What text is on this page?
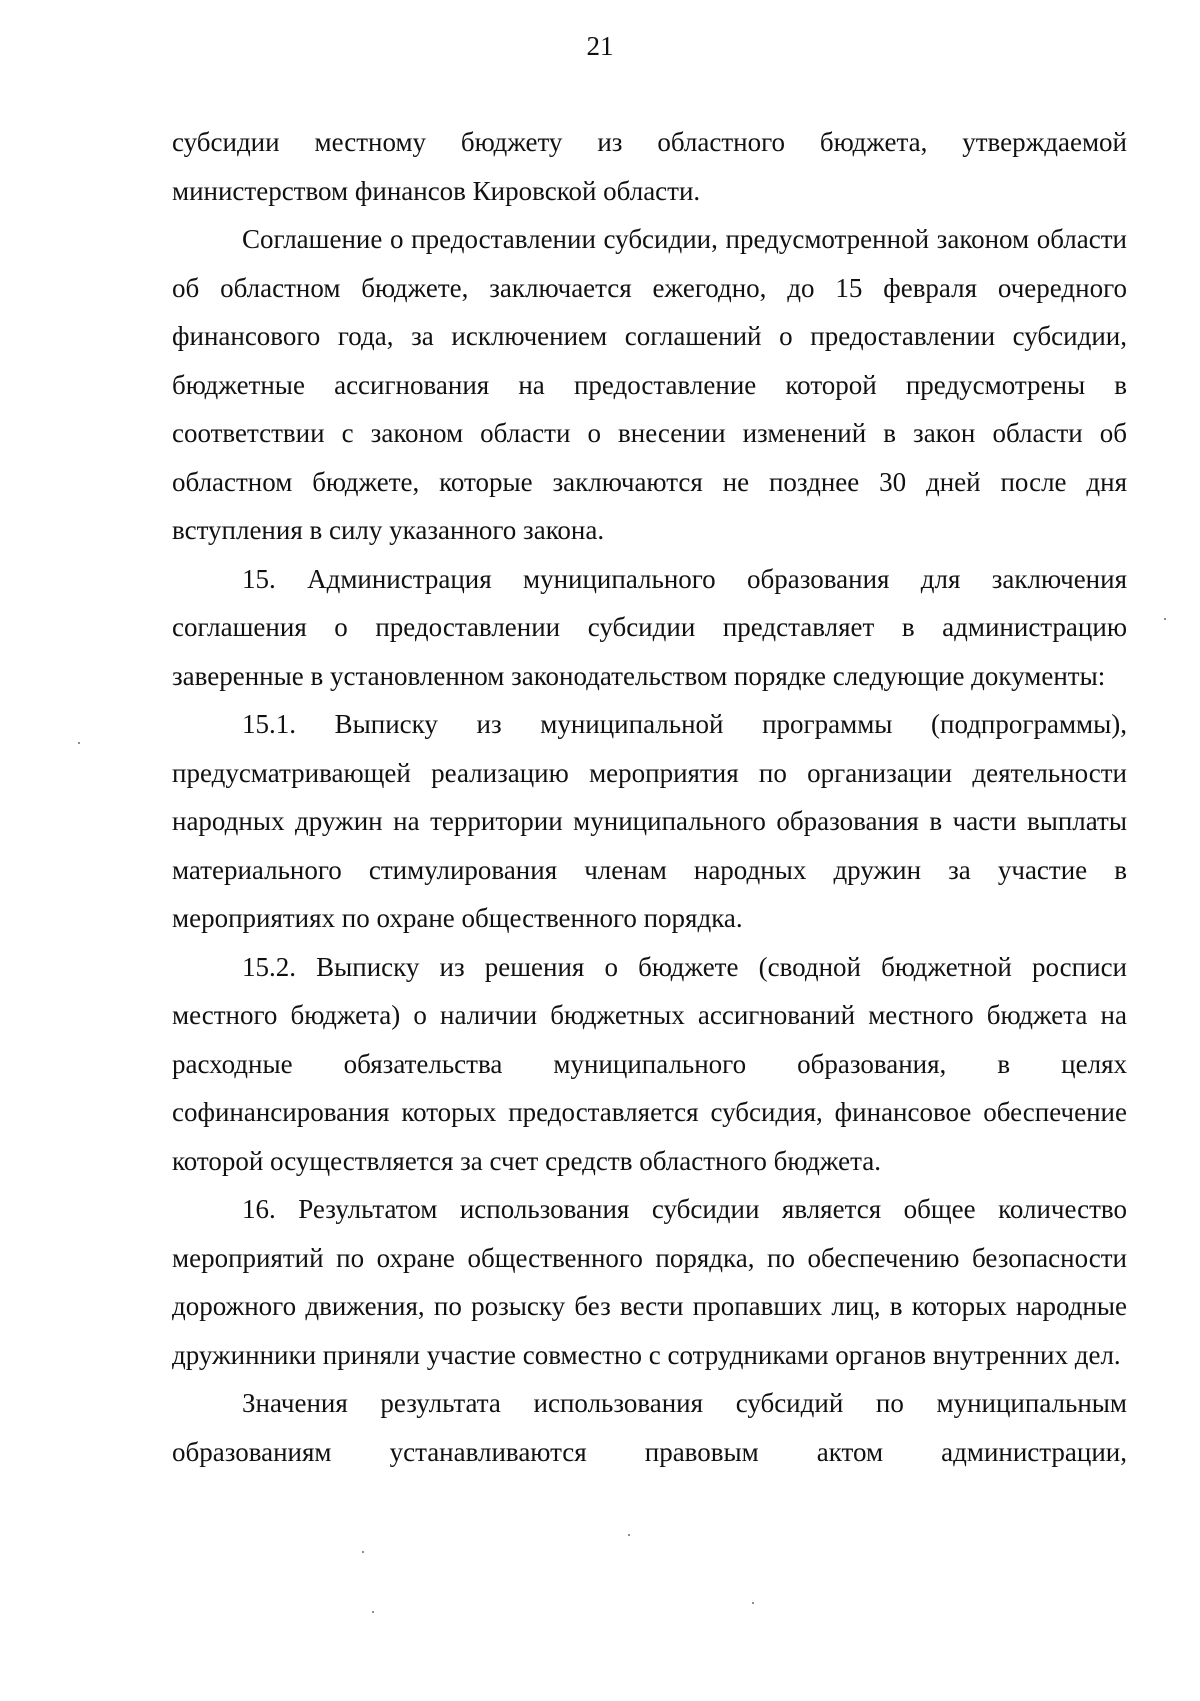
21

субсидии местному бюджету из областного бюджета, утверждаемой министерством финансов Кировской области.

Соглашение о предоставлении субсидии, предусмотренной законом области об областном бюджете, заключается ежегодно, до 15 февраля очередного финансового года, за исключением соглашений о предоставлении субсидии, бюджетные ассигнования на предоставление которой предусмотрены в соответствии с законом области о внесении изменений в закон области об областном бюджете, которые заключаются не позднее 30 дней после дня вступления в силу указанного закона.

15. Администрация муниципального образования для заключения соглашения о предоставлении субсидии представляет в администрацию заверенные в установленном законодательством порядке следующие документы:

15.1. Выписку из муниципальной программы (подпрограммы), предусматривающей реализацию мероприятия по организации деятельности народных дружин на территории муниципального образования в части выплаты материального стимулирования членам народных дружин за участие в мероприятиях по охране общественного порядка.

15.2. Выписку из решения о бюджете (сводной бюджетной росписи местного бюджета) о наличии бюджетных ассигнований местного бюджета на расходные обязательства муниципального образования, в целях софинансирования которых предоставляется субсидия, финансовое обеспечение которой осуществляется за счет средств областного бюджета.

16. Результатом использования субсидии является общее количество мероприятий по охране общественного порядка, по обеспечению безопасности дорожного движения, по розыску без вести пропавших лиц, в которых народные дружинники приняли участие совместно с сотрудниками органов внутренних дел.

Значения результата использования субсидий по муниципальным образованиям устанавливаются правовым актом администрации,
